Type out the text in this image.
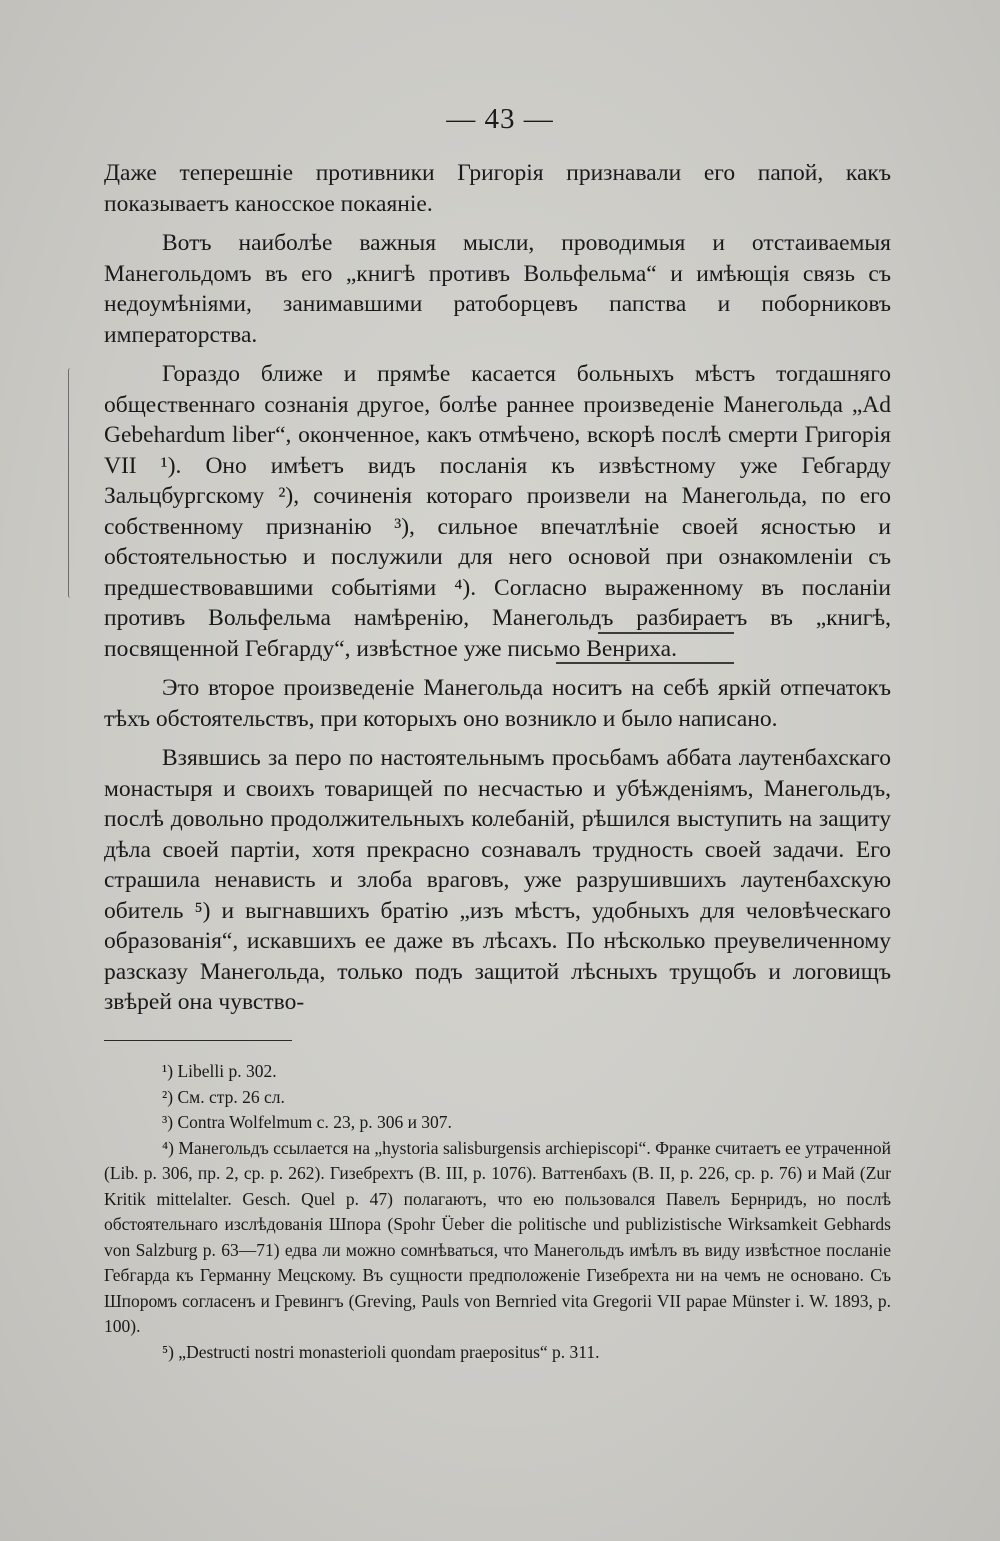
— 43 —

Даже теперешніе противники Григорія признавали его папой, какъ показываетъ каносское покаяніе.

Вотъ наиболѣе важныя мысли, проводимыя и отстаиваемыя Манегольдомъ въ его „книгѣ противъ Вольфельма“ и имѣющія связь съ недоумѣніями, занимавшими ратоборцевъ папства и поборниковъ императорства.

Гораздо ближе и прямѣе касается больныхъ мѣстъ тогдашняго общественнаго сознанія другое, болѣе раннее произведеніе Манегольда „Ad Gebehardum liber“, оконченное, какъ отмѣчено, вскорѣ послѣ смерти Григорія VII ¹). Оно имѣетъ видъ посланія къ извѣстному уже Гебгарду Зальцбургскому ²), сочиненія котораго произвели на Манегольда, по его собственному признанію ³), сильное впечатлѣніе своей ясностью и обстоятельностью и послужили для него основой при ознакомленіи съ предшествовавшими событіями ⁴). Согласно выраженному въ посланіи противъ Вольфельма намѣренію, Манегольдъ разбираетъ въ „книгѣ, посвященной Гебгарду“, извѣстное уже письмо Венриха.

Это второе произведеніе Манегольда носитъ на себѣ яркій отпечатокъ тѣхъ обстоятельствъ, при которыхъ оно возникло и было написано.

Взявшись за перо по настоятельнымъ просьбамъ аббата лаутенбахскаго монастыря и своихъ товарищей по несчастью и убѣжденіямъ, Манегольдъ, послѣ довольно продолжительныхъ колебаній, рѣшился выступить на защиту дѣла своей партіи, хотя прекрасно сознавалъ трудность своей задачи. Его страшила ненависть и злоба враговъ, уже разрушившихъ лаутенбахскую обитель ⁵) и выгнавшихъ братію „изъ мѣстъ, удобныхъ для человѣческаго образованія“, искавшихъ ее даже въ лѣсахъ. По нѣсколько преувеличенному разсказу Манегольда, только подъ защитой лѣсныхъ трущобъ и логовищъ звѣрей она чувство-

¹) Libelli p. 302.

²) См. стр. 26 сл.

³) Contra Wolfelmum c. 23, p. 306 и 307.

⁴) Манегольдъ ссылается на „hystoria salisburgensis archiepiscopi“. Франке считаетъ ее утраченной (Lib. p. 306, пр. 2, ср. p. 262). Гизебрехтъ (B. III, p. 1076). Ваттенбахъ (B. II, p. 226, ср. p. 76) и Май (Zur Kritik mittelalter. Gesch. Quel p. 47) полагаютъ, что ею пользовался Павелъ Бернридъ, но послѣ обстоятельнаго изслѣдованія Шпора (Spohr Üeber die politische und publizistische Wirksamkeit Gebhards von Salzburg p. 63—71) едва ли можно сомнѣваться, что Манегольдъ имѣлъ въ виду извѣстное посланіе Гебгарда къ Германну Мецскому. Въ сущности предположеніе Гизебрехта ни на чемъ не основано. Съ Шпоромъ согласенъ и Гревингъ (Greving, Pauls von Bernried vita Gregorii VII papae Münster i. W. 1893, p. 100).

⁵) „Destructi nostri monasterioli quondam praepositus“ p. 311.
